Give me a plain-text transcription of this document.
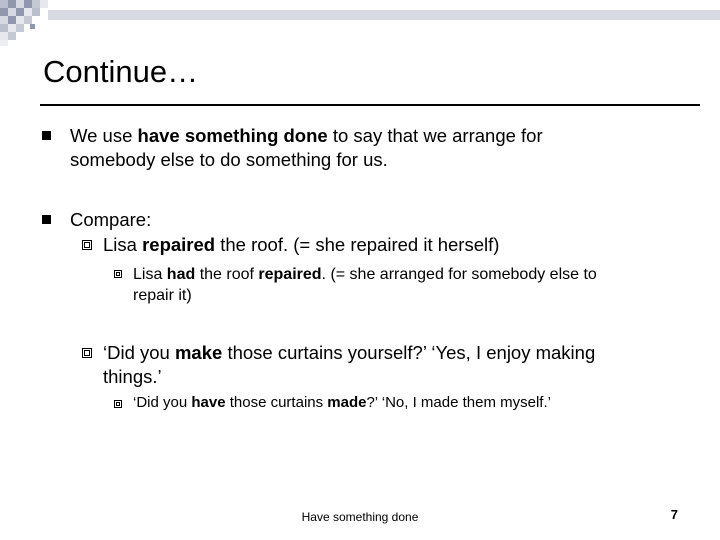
Continue…
We use have something done to say that we arrange for
somebody else to do something for us.
Compare:
Lisa repaired the roof. (= she repaired it herself)
Lisa had the roof repaired. (= she arranged for somebody else to
repair it)
‘Did you make those curtains yourself?’ ‘Yes, I enjoy making
things.’
‘Did you have those curtains made?’ ‘No, I made them myself.’
Have something done	7
